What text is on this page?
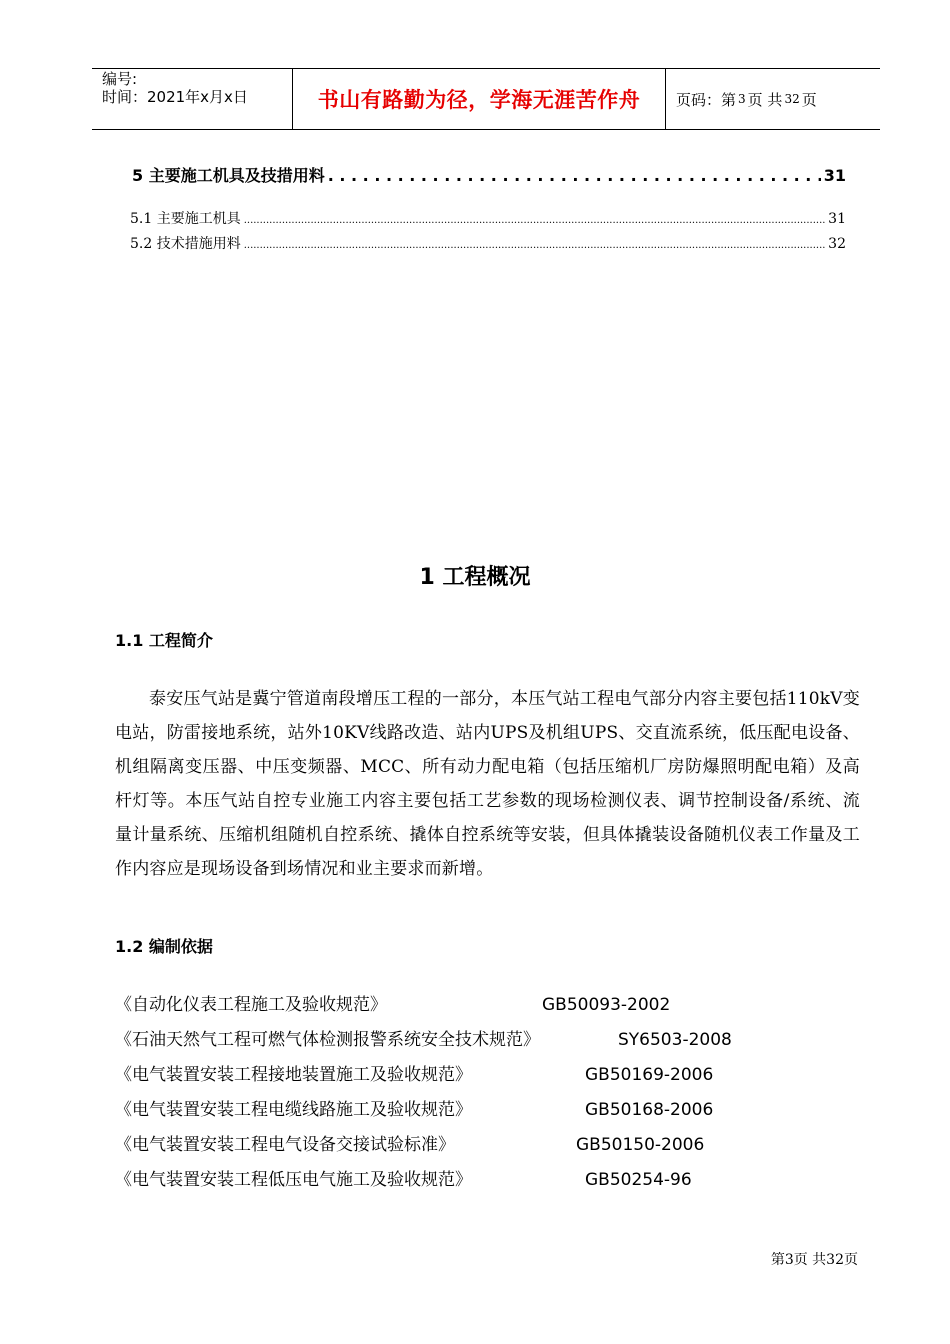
编号:
时间：2021年x月x日	书山有路勤为径，学海无涯苦作舟	页码：第 3 页 共 32 页
5 主要施工机具及技措用料 . . .	31
5.1 主要施工机具 .....	31
5.2 技术措施用料 .....	32
1 工程概况
1.1 工程简介
泰安压气站是冀宁管道南段增压工程的一部分，本压气站工程电气部分内容主要包括110kV变电站，防雷接地系统，站外10KV线路改造、站内UPS及机组UPS、交直流系统，低压配电设备、机组隔离变压器、中压变频器、MCC、所有动力配电箱（包括压缩机厂房防爆照明配电箱）及高杆灯等。本压气站自控专业施工内容主要包括工艺参数的现场检测仪表、调节控制设备/系统、流量计量系统、压缩机组随机自控系统、撬体自控系统等安装，但具体撬装设备随机仪表工作量及工作内容应是现场设备到场情况和业主要求而新增。
1.2 编制依据
《自动化仪表工程施工及验收规范》	GB50093-2002
《石油天然气工程可燃气体检测报警系统安全技术规范》	SY6503-2008
《电气装置安装工程接地装置施工及验收规范》	GB50169-2006
《电气装置安装工程电缆线路施工及验收规范》	GB50168-2006
《电气装置安装工程电气设备交接试验标准》	GB50150-2006
《电气装置安装工程低压电气施工及验收规范》	GB50254-96
第3页 共32页
